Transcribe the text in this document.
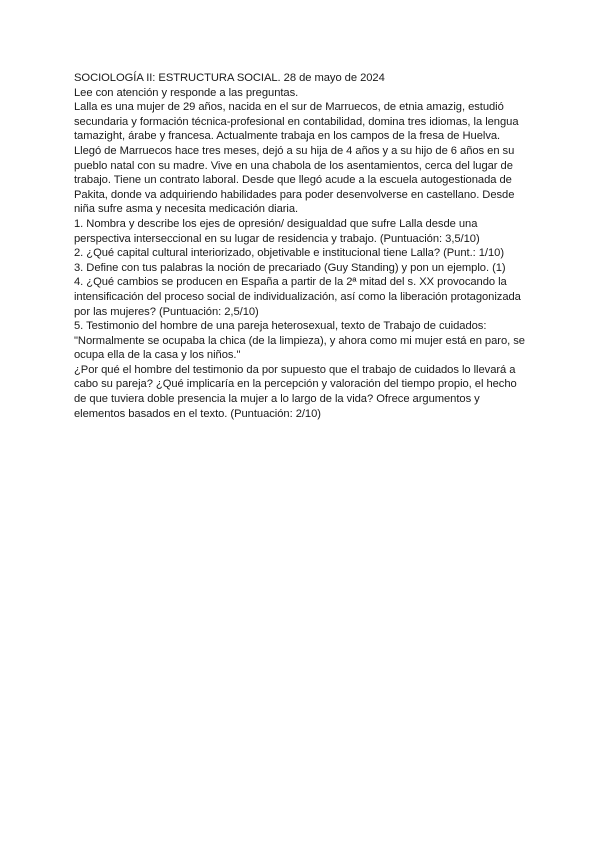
SOCIOLOGÍA II: ESTRUCTURA SOCIAL. 28 de mayo de 2024
Lee con atención y responde a las preguntas.
Lalla es una mujer de 29 años, nacida en el sur de Marruecos, de etnia amazig, estudió
secundaria y formación técnica-profesional en contabilidad, domina tres idiomas, la lengua
tamazight, árabe y francesa. Actualmente trabaja en los campos de la fresa de Huelva.
Llegó de Marruecos hace tres meses, dejó a su hija de 4 años y a su hijo de 6 años en su
pueblo natal con su madre. Vive en una chabola de los asentamientos, cerca del lugar de
trabajo. Tiene un contrato laboral. Desde que llegó acude a la escuela autogestionada de
Pakita, donde va adquiriendo habilidades para poder desenvolverse en castellano. Desde
niña sufre asma y necesita medicación diaria.
1. Nombra y describe los ejes de opresión/ desigualdad que sufre Lalla desde una
perspectiva interseccional en su lugar de residencia y trabajo. (Puntuación: 3,5/10)
2. ¿Qué capital cultural interiorizado, objetivable e institucional tiene Lalla? (Punt.: 1/10)
3. Define con tus palabras la noción de precariado (Guy Standing) y pon un ejemplo. (1)
4. ¿Qué cambios se producen en España a partir de la 2ª mitad del s. XX provocando la
intensificación del proceso social de individualización, así como la liberación protagonizada
por las mujeres? (Puntuación: 2,5/10)
5. Testimonio del hombre de una pareja heterosexual, texto de Trabajo de cuidados:
"Normalmente se ocupaba la chica (de la limpieza), y ahora como mi mujer está en paro, se
ocupa ella de la casa y los niños."
¿Por qué el hombre del testimonio da por supuesto que el trabajo de cuidados lo llevará a
cabo su pareja? ¿Qué implicaría en la percepción y valoración del tiempo propio, el hecho
de que tuviera doble presencia la mujer a lo largo de la vida? Ofrece argumentos y
elementos basados en el texto. (Puntuación: 2/10)
